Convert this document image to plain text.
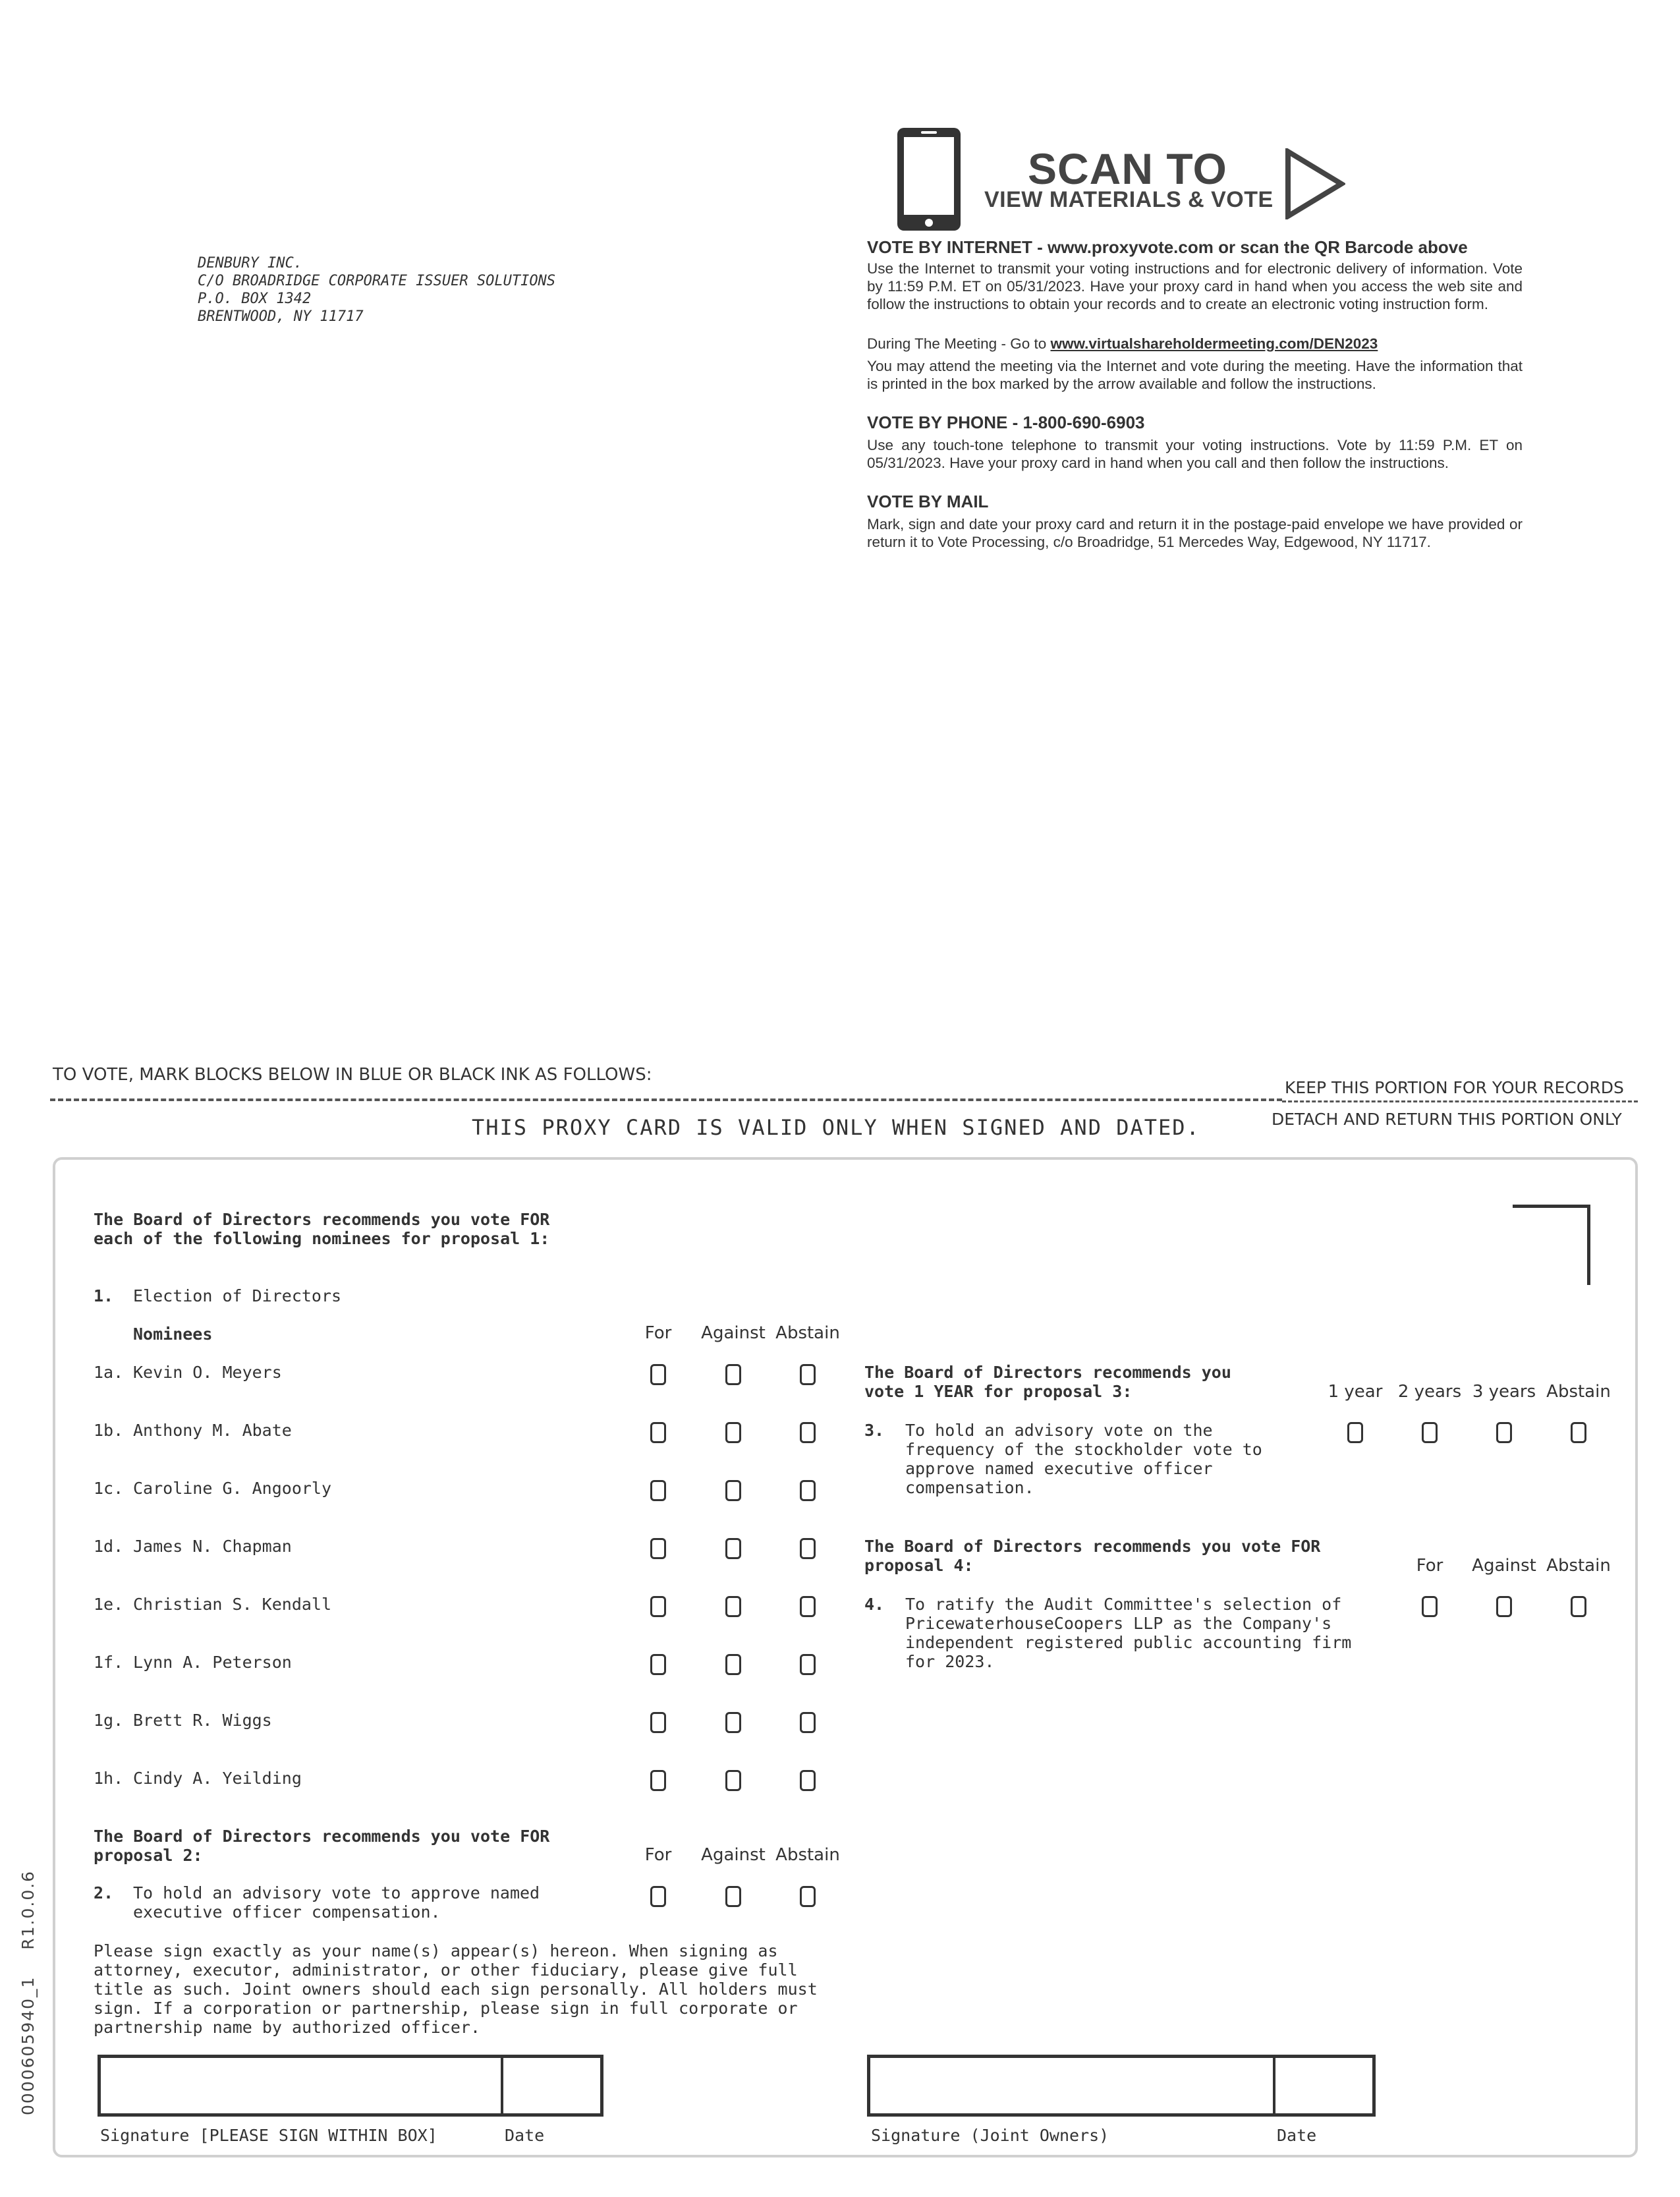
DENBURY INC.
C/O BROADRIDGE CORPORATE ISSUER SOLUTIONS
P.O. BOX 1342
BRENTWOOD, NY 11717
SCAN TO
VIEW MATERIALS & VOTE
VOTE BY INTERNET - www.proxyvote.com or scan the QR Barcode above
Use the Internet to transmit your voting instructions and for electronic delivery of information. Vote by 11:59 P.M. ET on 05/31/2023. Have your proxy card in hand when you access the web site and follow the instructions to obtain your records and to create an electronic voting instruction form.
During The Meeting - Go to www.virtualshareholdermeeting.com/DEN2023
You may attend the meeting via the Internet and vote during the meeting. Have the information that is printed in the box marked by the arrow available and follow the instructions.
VOTE BY PHONE - 1-800-690-6903
Use any touch-tone telephone to transmit your voting instructions. Vote by 11:59 P.M. ET on 05/31/2023. Have your proxy card in hand when you call and then follow the instructions.
VOTE BY MAIL
Mark, sign and date your proxy card and return it in the postage-paid envelope we have provided or return it to Vote Processing, c/o Broadridge, 51 Mercedes Way, Edgewood, NY 11717.
TO VOTE, MARK BLOCKS BELOW IN BLUE OR BLACK INK AS FOLLOWS:
KEEP THIS PORTION FOR YOUR RECORDS
DETACH AND RETURN THIS PORTION ONLY
THIS PROXY CARD IS VALID ONLY WHEN SIGNED AND DATED.
The Board of Directors recommends you vote FOR
each of the following nominees for proposal 1:
1. Election of Directors
Nominees	For	Against Abstain
1a. Kevin O. Meyers
1b. Anthony M. Abate
1c. Caroline G. Angoorly
1d. James N. Chapman
1e. Christian S. Kendall
1f. Lynn A. Peterson
1g. Brett R. Wiggs
1h. Cindy A. Yeilding
The Board of Directors recommends you vote FOR
proposal 2:	For	Against Abstain
2. To hold an advisory vote to approve named
executive officer compensation.
The Board of Directors recommends you
vote 1 YEAR for proposal 3:	1 year 2 years 3 years Abstain
3. To hold an advisory vote on the
frequency of the stockholder vote to
approve named executive officer
compensation.
The Board of Directors recommends you vote FOR
proposal 4:	For	Against Abstain
4. To ratify the Audit Committee's selection of
PricewaterhouseCoopers LLP as the Company's
independent registered public accounting firm
for 2023.
Please sign exactly as your name(s) appear(s) hereon. When signing as
attorney, executor, administrator, or other fiduciary, please give full
title as such. Joint owners should each sign personally. All holders must
sign. If a corporation or partnership, please sign in full corporate or
partnership name by authorized officer.
Signature [PLEASE SIGN WITHIN BOX]	Date	Signature (Joint Owners)	Date
0000605940_1    R1.0.0.6
